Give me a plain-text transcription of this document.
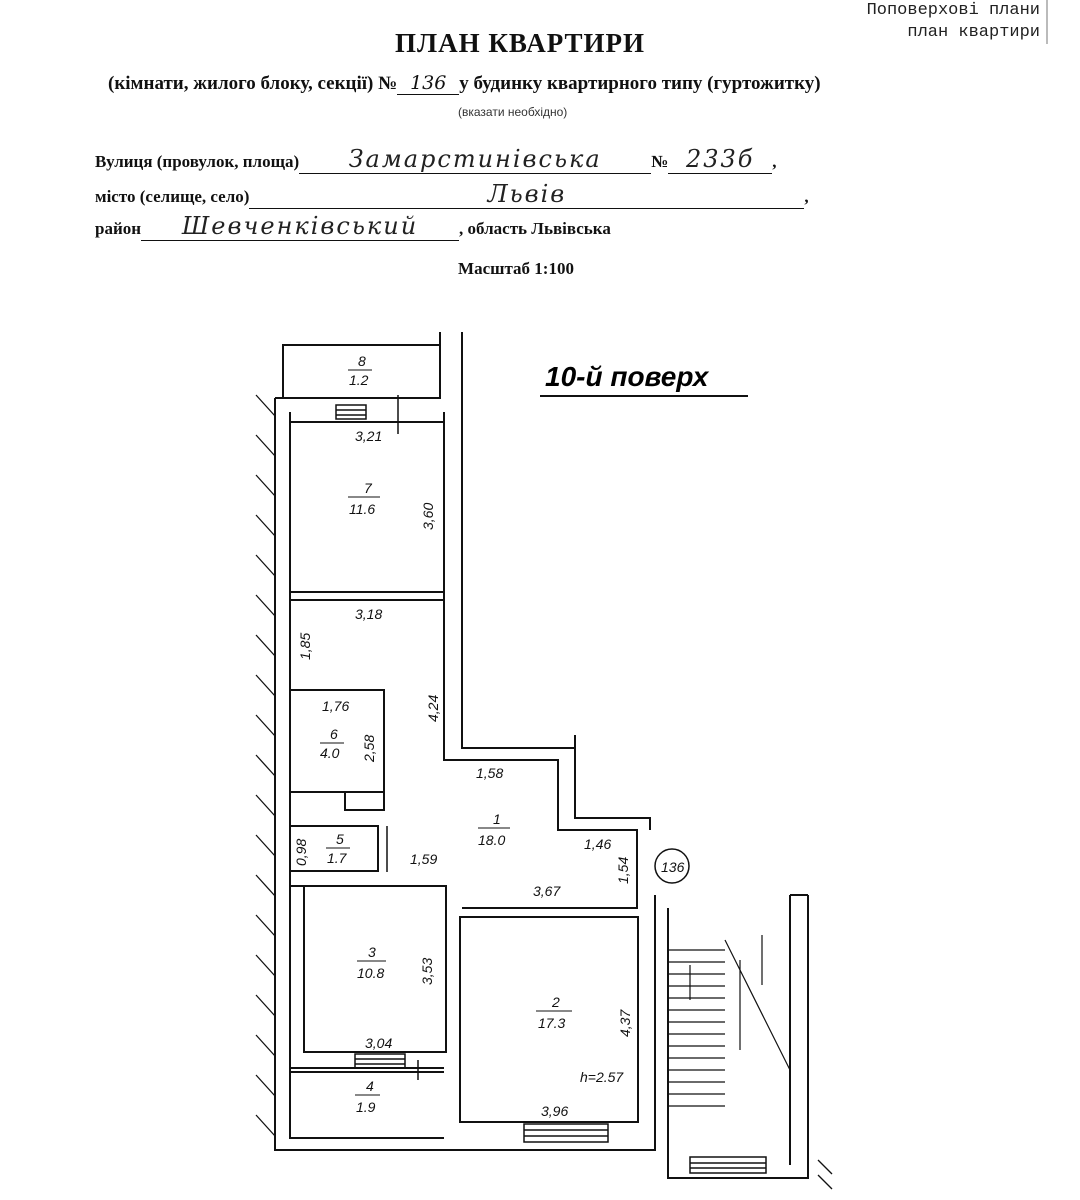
Поповерхові плани
план квартири
ПЛАН КВАРТИРИ
(кімнати, жилого блоку, секції) № 136 у будинку квартирного типу (гуртожитку)
(вказати необхідно)
Вулиця (провулок, площа) Замарстинівська	№ 233б ,
місто (селище, село)	Львів	,
район Шевченківський , область Львівська
Масштаб 1:100
10-й поверх
136
h=2.57
8
1.2
7
11.6
6
4.0
5
1.7
1
18.0
3
10.8
2
17.3
4
1.9
3,21
3,60
3,18
1,85
4,24
1,76
2,58
0,98	1,59
1,58
1,46
1,54
3,67
3,53
3,04
4,37
3,96
